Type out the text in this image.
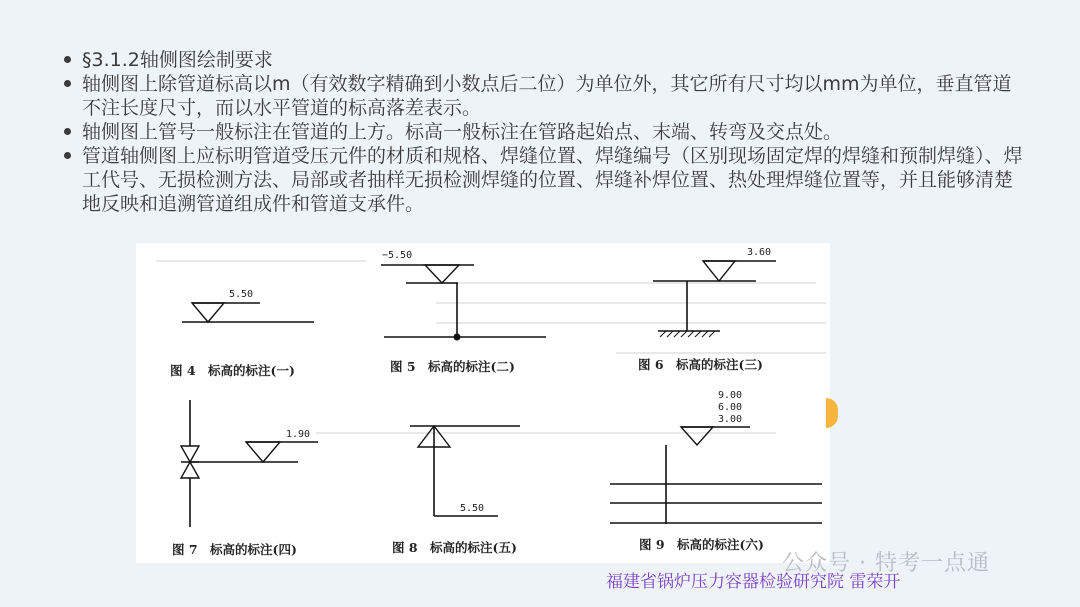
§3.1.2轴侧图绘制要求
轴侧图上除管道标高以m（有效数字精确到小数点后二位）为单位外，其它所有尺寸均以mm为单位，垂直管道不注长度尺寸，而以水平管道的标高落差表示。
轴侧图上管号一般标注在管道的上方。标高一般标注在管路起始点、末端、转弯及交点处。
管道轴侧图上应标明管道受压元件的材质和规格、焊缝位置、焊缝编号（区别现场固定焊的焊缝和预制焊缝）、焊工代号、无损检测方法、局部或者抽样无损检测焊缝的位置、焊缝补焊位置、热处理焊缝位置等，并且能够清楚地反映和追溯管道组成件和管道支承件。
5.50
图 4　标高的标注(一)
−5.50
图 5　标高的标注(二)
3.60
图 6　标高的标注(三)
1.90
图 7　标高的标注(四)
5.50
图 8　标高的标注(五)
9.00
6.00
3.00
图 9　标高的标注(六)
公众号 · 特考一点通
福建省锅炉压力容器检验研究院 雷荣开
